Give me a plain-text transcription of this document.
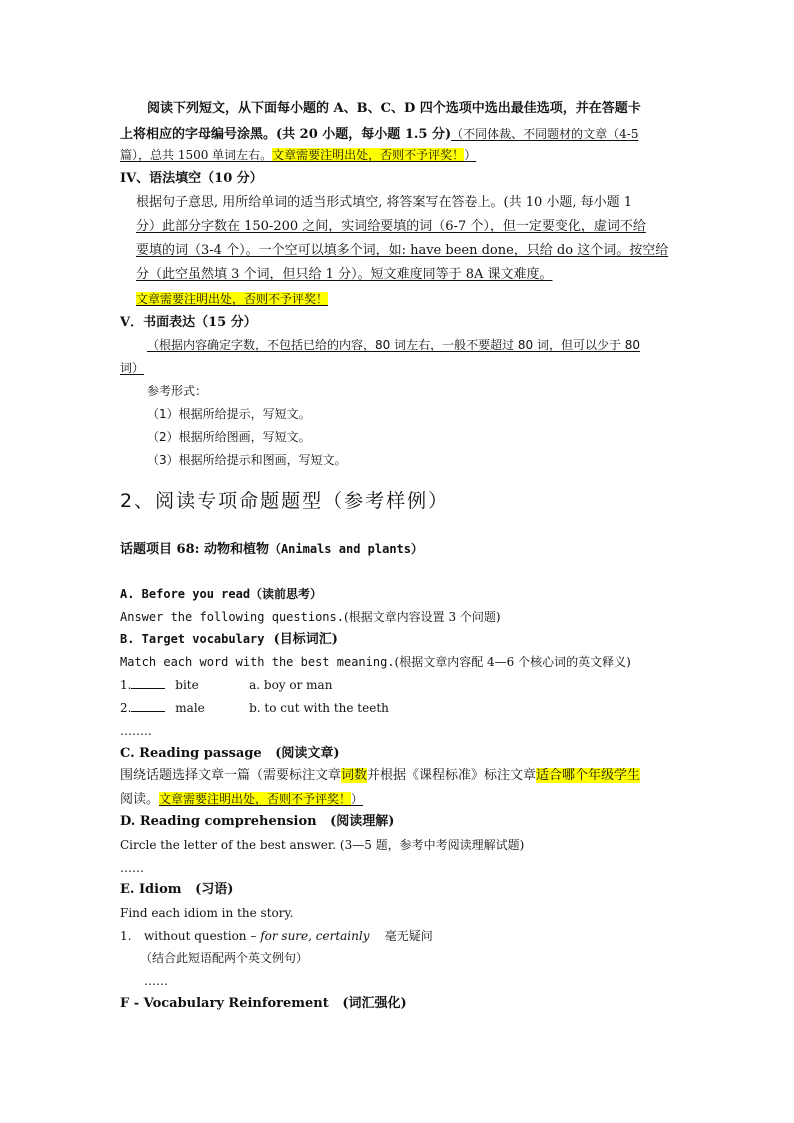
阅读下列短文，从下面每小题的 A、B、C、D 四个选项中选出最佳选项，并在答题卡
上将相应的字母编号涂黑。(共 20 小题，每小题 1.5 分)（不同体裁、不同题材的文章（4-5
篇），总共 1500 单词左右。文章需要注明出处，否则不予评奖！）
IV、语法填空（10 分）
根据句子意思, 用所给单词的适当形式填空, 将答案写在答卷上。(共 10 小题, 每小题 1
分）此部分字数在 150-200 之间，实词给要填的词（6-7 个），但一定要变化，虚词不给
要填的词（3-4 个）。一个空可以填多个词，如: have been done，只给 do 这个词。按空给
分（此空虽然填 3 个词，但只给 1 分）。短文难度同等于 8A 课文难度。
文章需要注明出处，否则不予评奖！
V．书面表达（15 分）
（根据内容确定字数，不包括已给的内容，80 词左右，一般不要超过 80 词，但可以少于 80
词）
参考形式：
（1）根据所给提示，写短文。
（2）根据所给图画，写短文。
（3）根据所给提示和图画，写短文。
2、阅读专项命题题型（参考样例）
话题项目 68: 动物和植物（Animals and plants）
A. Before you read（读前思考）
Answer the following questions.(根据文章内容设置 3 个问题)
B. Target vocabulary (目标词汇)
Match each word with the best meaning.(根据文章内容配 4—6 个核心词的英文释义)
1.	bite	a. boy or man
2.	male	b. to cut with the teeth
……..
C. Reading passage (阅读文章)
围绕话题选择文章一篇（需要标注文章词数并根据《课程标准》标注文章适合哪个年级学生
阅读。文章需要注明出处，否则不予评奖！）
D. Reading comprehension (阅读理解)
Circle the letter of the best answer. (3—5 题，参考中考阅读理解试题)
……
E. Idiom (习语)
Find each idiom in the story.
1. without question – for sure, certainly 毫无疑问
（结合此短语配两个英文例句）
……
F - Vocabulary Reinforement (词汇强化)
